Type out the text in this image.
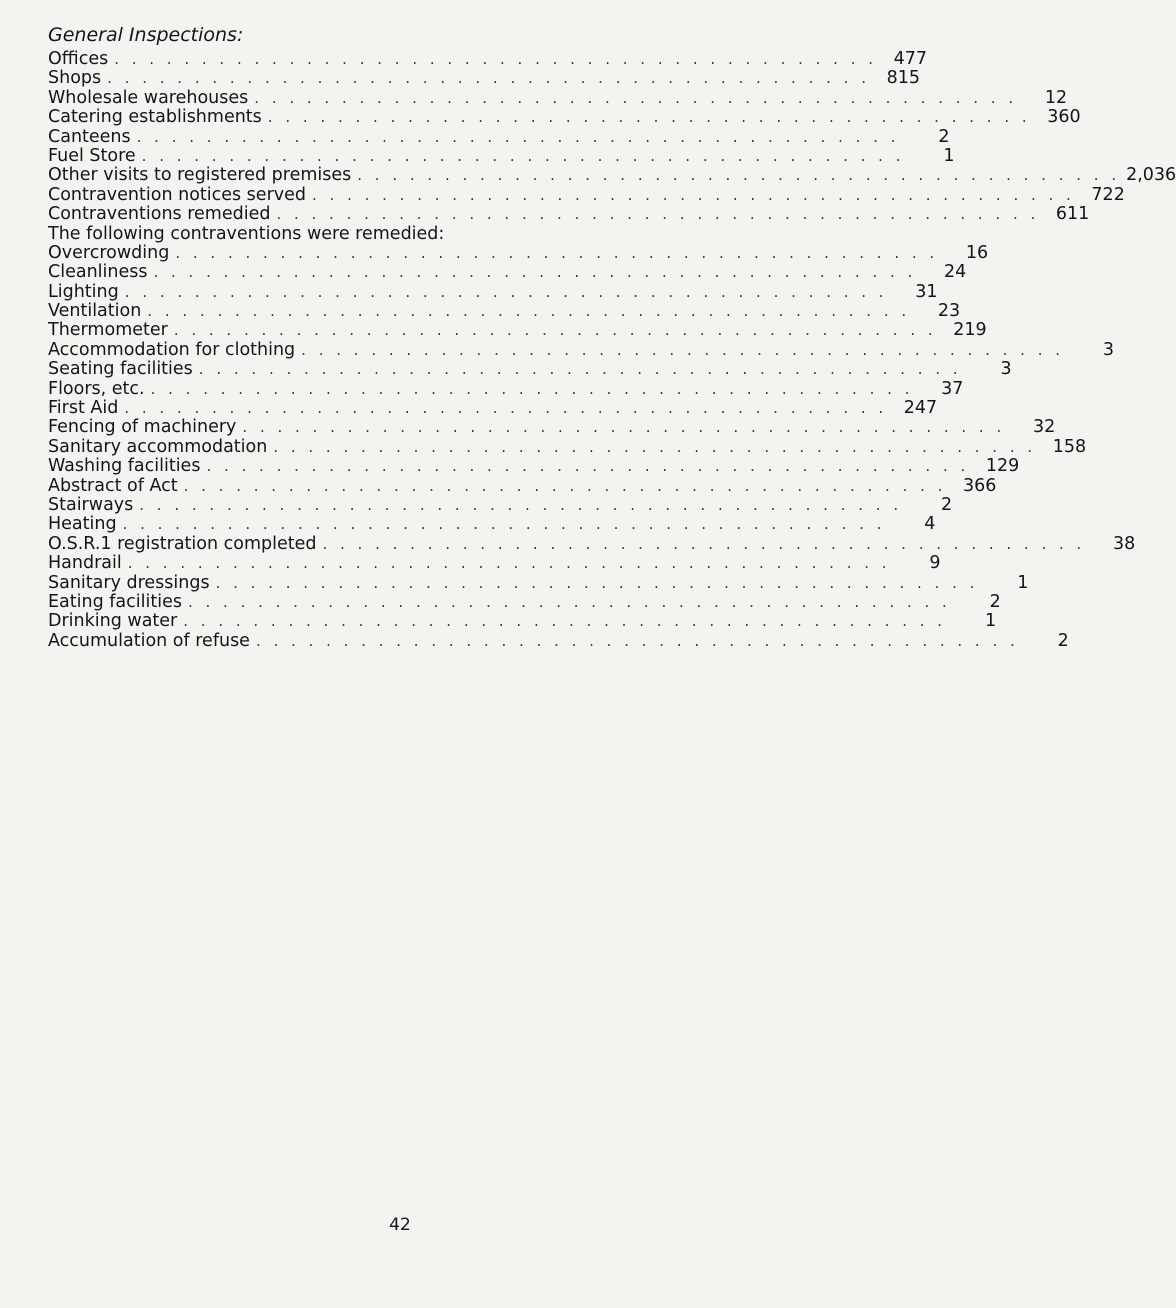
General Inspections:
Offices . . . . . . . . . . . . . . . . . . . . . . . . . . . . . . . . . . . . . . . . . . . . 477
Shops . . . . . . . . . . . . . . . . . . . . . . . . . . . . . . . . . . . . . . . . . . . . 815
Wholesale warehouses . . . . . . . . . . . . . . . . . . . . . . . . . . . . . . . . . . . . . . . . . . . .	12
Catering establishments . . . . . . . . . . . . . . . . . . . . . . . . . . . . . . . . . . . . . . . . . . . . 360
Canteens . . . . . . . . . . . . . . . . . . . . . . . . . . . . . . . . . . . . . . . . . . . .	2
Fuel Store . . . . . . . . . . . . . . . . . . . . . . . . . . . . . . . . . . . . . . . . . . . .	1
Other visits to registered premises . . . . . . . . . . . . . . . . . . . . . . . . . . . . . . . . . . . . . . . . . . . . 2,036
Contravention notices served . . . . . . . . . . . . . . . . . . . . . . . . . . . . . . . . . . . . . . . . . . . . 722
Contraventions remedied . . . . . . . . . . . . . . . . . . . . . . . . . . . . . . . . . . . . . . . . . . . . 611
The following contraventions were remedied:
Overcrowding . . . . . . . . . . . . . . . . . . . . . . . . . . . . . . . . . . . . . . . . . . . .	16
Cleanliness . . . . . . . . . . . . . . . . . . . . . . . . . . . . . . . . . . . . . . . . . . . .	24
Lighting . . . . . . . . . . . . . . . . . . . . . . . . . . . . . . . . . . . . . . . . . . . .	31
Ventilation . . . . . . . . . . . . . . . . . . . . . . . . . . . . . . . . . . . . . . . . . . . .	23
Thermometer . . . . . . . . . . . . . . . . . . . . . . . . . . . . . . . . . . . . . . . . . . . . 219
Accommodation for clothing . . . . . . . . . . . . . . . . . . . . . . . . . . . . . . . . . . . . . . . . . . . .	3
Seating facilities . . . . . . . . . . . . . . . . . . . . . . . . . . . . . . . . . . . . . . . . . . . .	3
Floors, etc. . . . . . . . . . . . . . . . . . . . . . . . . . . . . . . . . . . . . . . . . . . . .	37
First Aid . . . . . . . . . . . . . . . . . . . . . . . . . . . . . . . . . . . . . . . . . . . . 247
Fencing of machinery . . . . . . . . . . . . . . . . . . . . . . . . . . . . . . . . . . . . . . . . . . . .	32
Sanitary accommodation . . . . . . . . . . . . . . . . . . . . . . . . . . . . . . . . . . . . . . . . . . . . 158
Washing facilities . . . . . . . . . . . . . . . . . . . . . . . . . . . . . . . . . . . . . . . . . . . . 129
Abstract of Act . . . . . . . . . . . . . . . . . . . . . . . . . . . . . . . . . . . . . . . . . . . . 366
Stairways . . . . . . . . . . . . . . . . . . . . . . . . . . . . . . . . . . . . . . . . . . . .	2
Heating . . . . . . . . . . . . . . . . . . . . . . . . . . . . . . . . . . . . . . . . . . . .	4
O.S.R.1 registration completed . . . . . . . . . . . . . . . . . . . . . . . . . . . . . . . . . . . . . . . . . . . .	38
Handrail . . . . . . . . . . . . . . . . . . . . . . . . . . . . . . . . . . . . . . . . . . . .	9
Sanitary dressings . . . . . . . . . . . . . . . . . . . . . . . . . . . . . . . . . . . . . . . . . . . .	1
Eating facilities . . . . . . . . . . . . . . . . . . . . . . . . . . . . . . . . . . . . . . . . . . . .	2
Drinking water . . . . . . . . . . . . . . . . . . . . . . . . . . . . . . . . . . . . . . . . . . . .	1
Accumulation of refuse . . . . . . . . . . . . . . . . . . . . . . . . . . . . . . . . . . . . . . . . . . . .	2
42
